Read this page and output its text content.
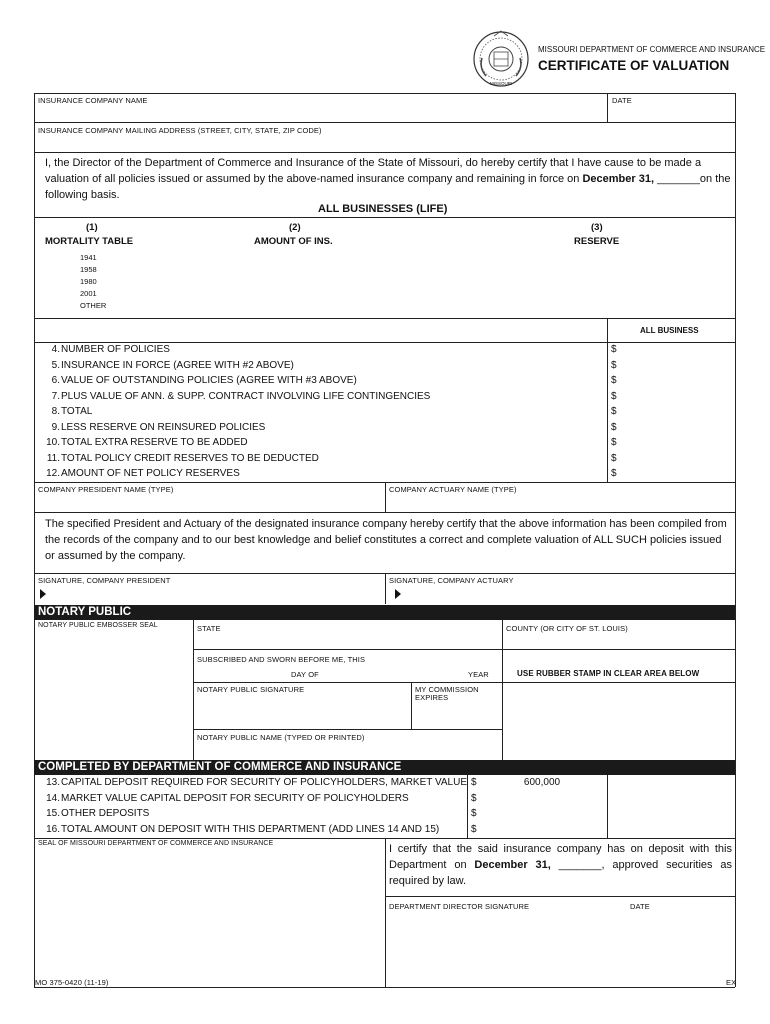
MISSOURI
MISSOURI DEPARTMENT OF COMMERCE AND INSURANCE
CERTIFICATE OF VALUATION
INSURANCE COMPANY NAME	DATE
INSURANCE COMPANY MAILING ADDRESS (STREET, CITY, STATE, ZIP CODE)
I, the Director of the Department of Commerce and Insurance of the State of Missouri, do hereby certify that I have cause to be made a valuation of all policies issued or assumed by the above-named insurance company and remaining in force on December 31, _______on the following basis.
ALL BUSINESSES (LIFE)
(1)	(2)	(3)
MORTALITY TABLE	AMOUNT OF INS.	RESERVE
1941
1958
1980
2001
OTHER
ALL BUSINESS
4. NUMBER OF POLICIES	$
5. INSURANCE IN FORCE (AGREE WITH #2 ABOVE)	$
6. VALUE OF OUTSTANDING POLICIES (AGREE WITH #3 ABOVE)	$
7. PLUS VALUE OF ANN. & SUPP. CONTRACT INVOLVING LIFE CONTINGENCIES	$
8. TOTAL	$
9. LESS RESERVE ON REINSURED POLICIES	$
10. TOTAL EXTRA RESERVE TO BE ADDED	$
11. TOTAL POLICY CREDIT RESERVES TO BE DEDUCTED	$
12. AMOUNT OF NET POLICY RESERVES	$
COMPANY PRESIDENT NAME (TYPE)	COMPANY ACTUARY NAME (TYPE)
The specified President and Actuary of the designated insurance company hereby certify that the above information has been compiled from the records of the company and to our best knowledge and belief constitutes a correct and complete valuation of ALL SUCH policies issued or assumed by the company.
SIGNATURE, COMPANY PRESIDENT	SIGNATURE, COMPANY ACTUARY
NOTARY PUBLIC
NOTARY PUBLIC EMBOSSER SEAL	STATE	COUNTY (OR CITY OF ST. LOUIS)
SUBSCRIBED AND SWORN BEFORE ME, THIS
DAY OF	YEAR	USE RUBBER STAMP IN CLEAR AREA BELOW
NOTARY PUBLIC SIGNATURE	MY COMMISSION
EXPIRES
NOTARY PUBLIC NAME (TYPED OR PRINTED)
COMPLETED BY DEPARTMENT OF COMMERCE AND INSURANCE
13. CAPITAL DEPOSIT REQUIRED FOR SECURITY OF POLICYHOLDERS, MARKET VALUE $	600,000
14. MARKET VALUE CAPITAL DEPOSIT FOR SECURITY OF POLICYHOLDERS	$
15. OTHER DEPOSITS	$
16. TOTAL AMOUNT ON DEPOSIT WITH THIS DEPARTMENT (ADD LINES 14 AND 15)	$
SEAL OF MISSOURI DEPARTMENT OF COMMERCE AND INSURANCE	I certify that the said insurance company has on deposit with this Department on December 31, _______, approved securities as required by law.
DEPARTMENT DIRECTOR SIGNATURE	DATE
MO 375-0420 (11-19)	EX
